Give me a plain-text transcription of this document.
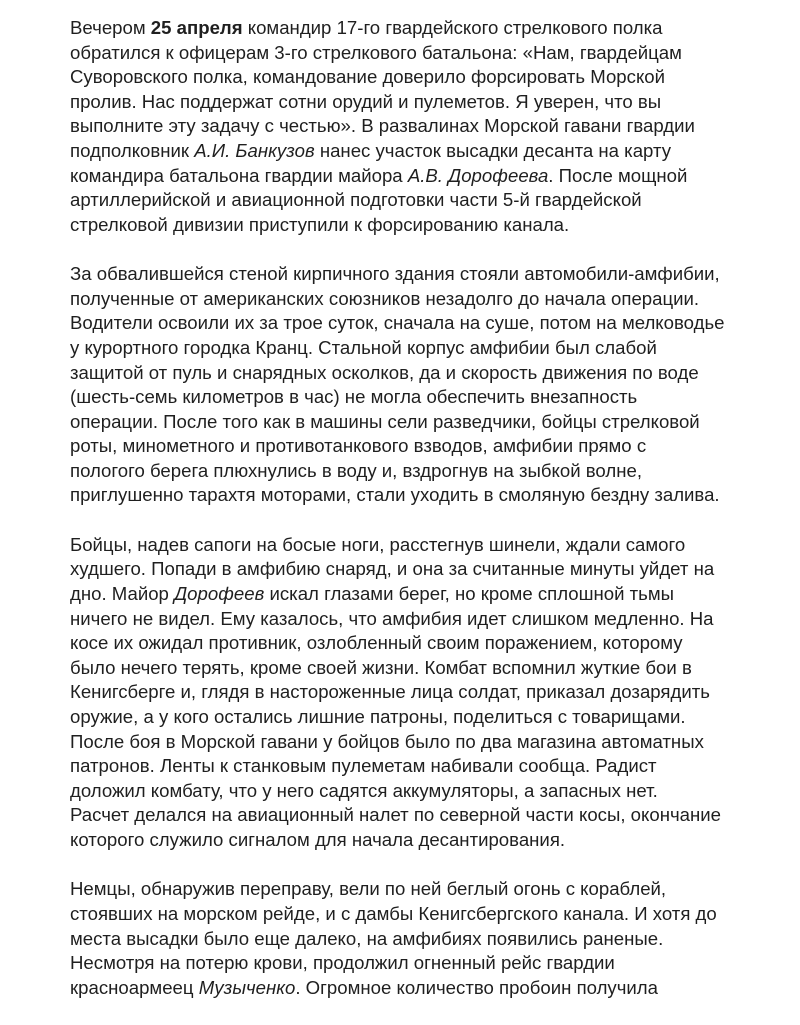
Вечером 25 апреля командир 17-го гвардейского стрелкового полка
обратился к офицерам 3-го стрелкового батальона: «Нам, гвардейцам
Суворовского полка, командование доверило форсировать Морской
пролив. Нас поддержат сотни орудий и пулеметов. Я уверен, что вы
выполните эту задачу с честью». В развалинах Морской гавани гвардии
подполковник А.И. Банкузов нанес участок высадки десанта на карту
командира батальона гвардии майора А.В. Дорофеева. После мощной
артиллерийской и авиационной подготовки части 5-й гвардейской
стрелковой дивизии приступили к форсированию канала.

За обвалившейся стеной кирпичного здания стояли автомобили-амфибии,
полученные от американских союзников незадолго до начала операции.
Водители освоили их за трое суток, сначала на суше, потом на мелководье
у курортного городка Кранц. Стальной корпус амфибии был слабой
защитой от пуль и снарядных осколков, да и скорость движения по воде
(шесть-семь километров в час) не могла обеспечить внезапность
операции. После того как в машины сели разведчики, бойцы стрелковой
роты, минометного и противотанкового взводов, амфибии прямо с
пологого берега плюхнулись в воду и, вздрогнув на зыбкой волне,
приглушенно тарахтя моторами, стали уходить в смоляную бездну залива.

Бойцы, надев сапоги на босые ноги, расстегнув шинели, ждали самого
худшего. Попади в амфибию снаряд, и она за считанные минуты уйдет на
дно. Майор Дорофеев искал глазами берег, но кроме сплошной тьмы
ничего не видел. Ему казалось, что амфибия идет слишком медленно. На
косе их ожидал противник, озлобленный своим поражением, которому
было нечего терять, кроме своей жизни. Комбат вспомнил жуткие бои в
Кенигсберге и, глядя в настороженные лица солдат, приказал дозарядить
оружие, а у кого остались лишние патроны, поделиться с товарищами.
После боя в Морской гавани у бойцов было по два магазина автоматных
патронов. Ленты к станковым пулеметам набивали сообща. Радист
доложил комбату, что у него садятся аккумуляторы, а запасных нет.
Расчет делался на авиационный налет по северной части косы, окончание
которого служило сигналом для начала десантирования.

Немцы, обнаружив переправу, вели по ней беглый огонь с кораблей,
стоявших на морском рейде, и с дамбы Кенигсбергского канала. И хотя до
места высадки было еще далеко, на амфибиях появились раненые.
Несмотря на потерю крови, продолжил огненный рейс гвардии
красноармеец Музыченко. Огромное количество пробоин получила
